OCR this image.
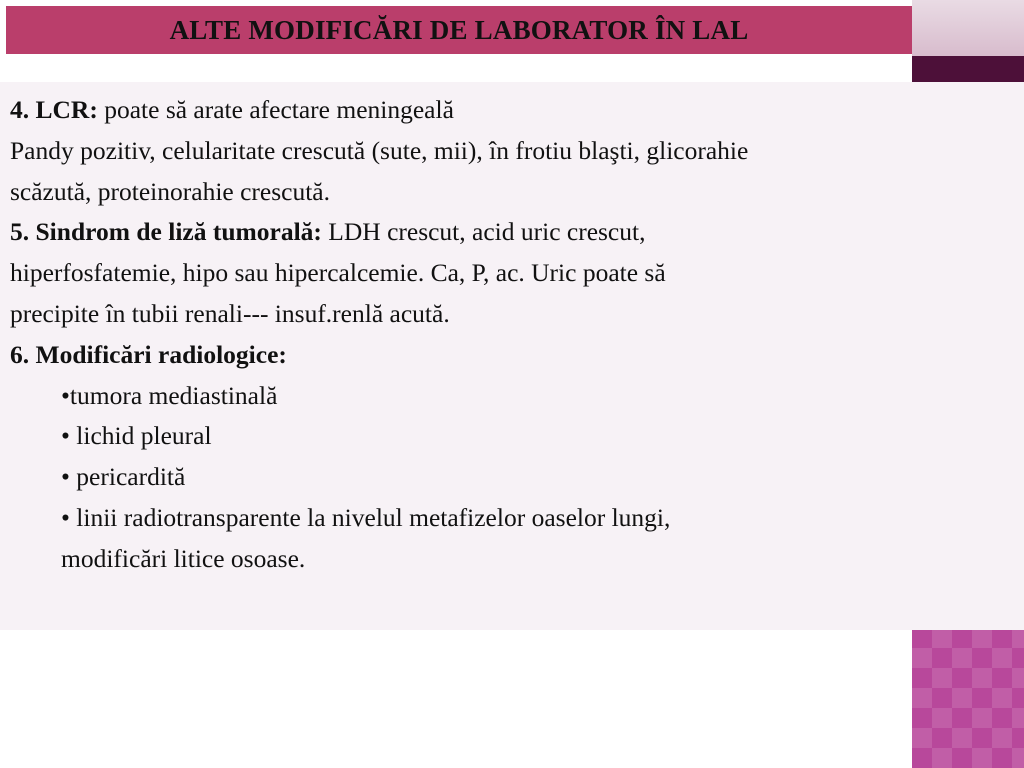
ALTE MODIFICĂRI DE LABORATOR ÎN LAL

4. LCR: poate să arate afectare meningeală

Pandy pozitiv, celularitate crescută (sute, mii), în frotiu blaşti, glicorahie

scăzută, proteinorahie crescută.

5. Sindrom de liză tumorală: LDH crescut, acid uric crescut,

hiperfosfatemie, hipo sau hipercalcemie. Ca, P, ac. Uric poate să

precipite în tubii renali--- insuf.renlă acută.

6. Modificări radiologice:

•tumora mediastinală

• lichid pleural

• pericardită

• linii radiotransparente la nivelul metafizelor oaselor lungi,

modificări litice osoase.
